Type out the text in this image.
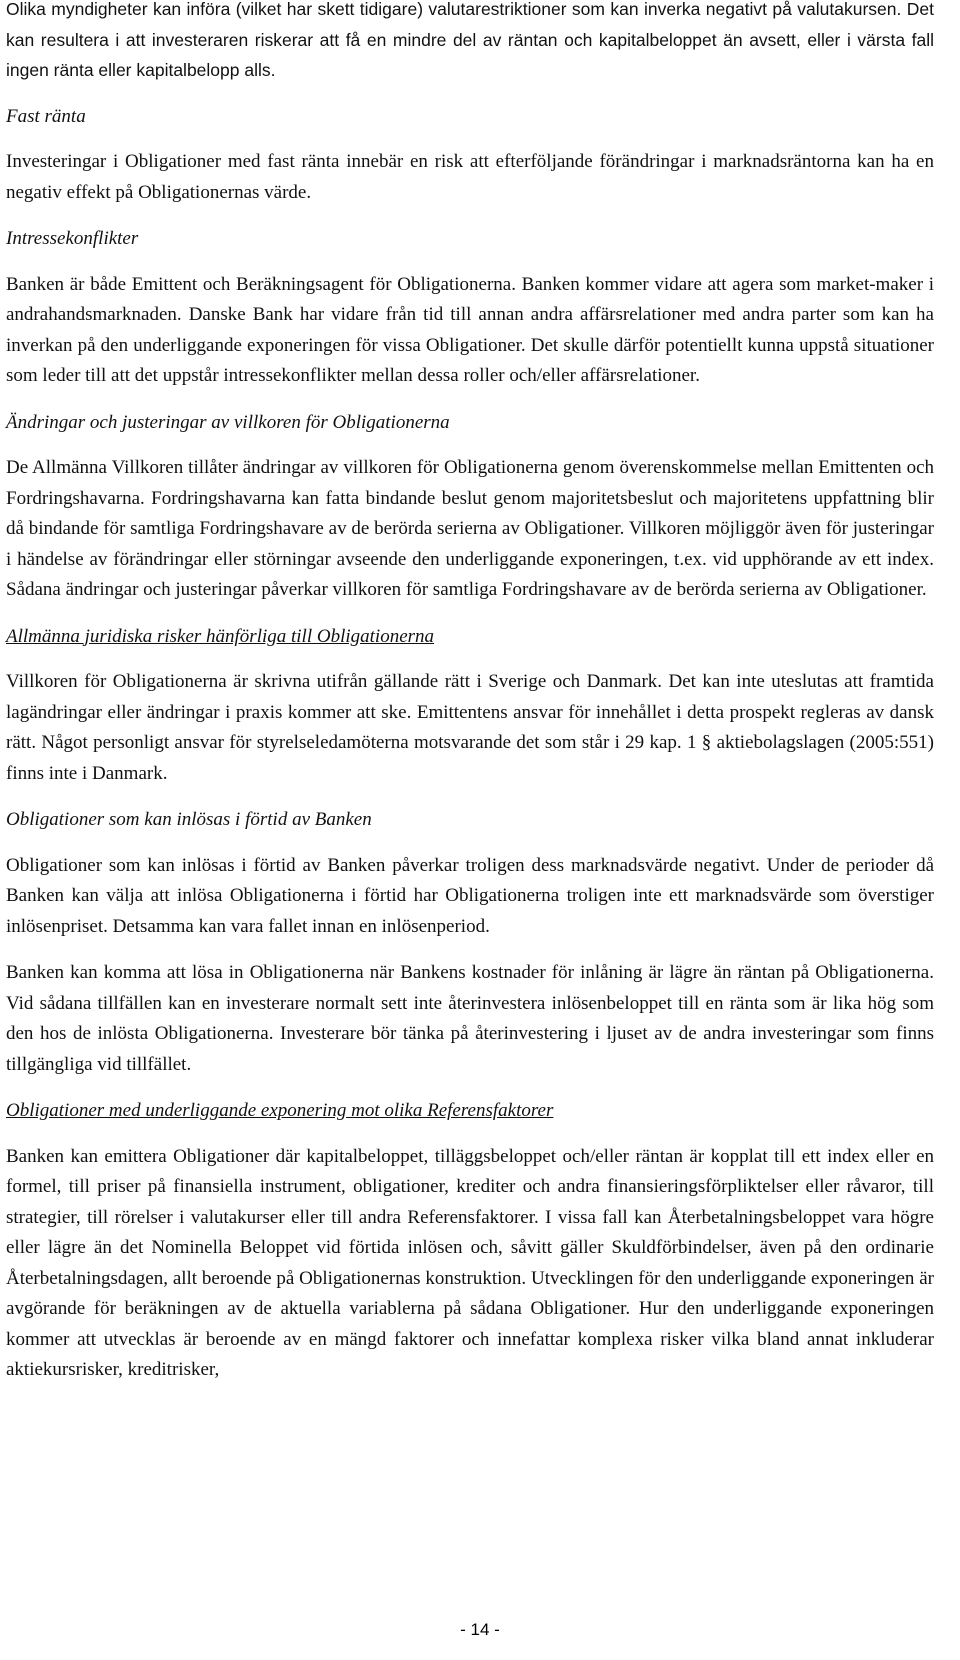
Olika myndigheter kan införa (vilket har skett tidigare) valutarestriktioner som kan inverka negativt på valutakursen. Det kan resultera i att investeraren riskerar att få en mindre del av räntan och kapitalbeloppet än avsett, eller i värsta fall ingen ränta eller kapitalbelopp alls.

Fast ränta

Investeringar i Obligationer med fast ränta innebär en risk att efterföljande förändringar i marknadsräntorna kan ha en negativ effekt på Obligationernas värde.

Intressekonflikter

Banken är både Emittent och Beräkningsagent för Obligationerna. Banken kommer vidare att agera som market-maker i andrahandsmarknaden. Danske Bank har vidare från tid till annan andra affärsrelationer med andra parter som kan ha inverkan på den underliggande exponeringen för vissa Obligationer. Det skulle därför potentiellt kunna uppstå situationer som leder till att det uppstår intressekonflikter mellan dessa roller och/eller affärsrelationer.

Ändringar och justeringar av villkoren för Obligationerna

De Allmänna Villkoren tillåter ändringar av villkoren för Obligationerna genom överenskommelse mellan Emittenten och Fordringshavarna. Fordringshavarna kan fatta bindande beslut genom majoritetsbeslut och majoritetens uppfattning blir då bindande för samtliga Fordringshavare av de berörda serierna av Obligationer. Villkoren möjliggör även för justeringar i händelse av förändringar eller störningar avseende den underliggande exponeringen, t.ex. vid upphörande av ett index. Sådana ändringar och justeringar påverkar villkoren för samtliga Fordringshavare av de berörda serierna av Obligationer.

Allmänna juridiska risker hänförliga till Obligationerna

Villkoren för Obligationerna är skrivna utifrån gällande rätt i Sverige och Danmark. Det kan inte uteslutas att framtida lagändringar eller ändringar i praxis kommer att ske. Emittentens ansvar för innehållet i detta prospekt regleras av dansk rätt. Något personligt ansvar för styrelseledamöterna motsvarande det som står i 29 kap. 1 § aktiebolagslagen (2005:551) finns inte i Danmark.

Obligationer som kan inlösas i förtid av Banken

Obligationer som kan inlösas i förtid av Banken påverkar troligen dess marknadsvärde negativt. Under de perioder då Banken kan välja att inlösa Obligationerna i förtid har Obligationerna troligen inte ett marknadsvärde som överstiger inlösenpriset. Detsamma kan vara fallet innan en inlösenperiod.

Banken kan komma att lösa in Obligationerna när Bankens kostnader för inlåning är lägre än räntan på Obligationerna. Vid sådana tillfällen kan en investerare normalt sett inte återinvestera inlösenbeloppet till en ränta som är lika hög som den hos de inlösta Obligationerna. Investerare bör tänka på återinvestering i ljuset av de andra investeringar som finns tillgängliga vid tillfället.

Obligationer med underliggande exponering mot olika Referensfaktorer

Banken kan emittera Obligationer där kapitalbeloppet, tilläggsbeloppet och/eller räntan är kopplat till ett index eller en formel, till priser på finansiella instrument, obligationer, krediter och andra finansieringsförpliktelser eller råvaror, till strategier, till rörelser i valutakurser eller till andra Referensfaktorer. I vissa fall kan Återbetalningsbeloppet vara högre eller lägre än det Nominella Beloppet vid förtida inlösen och, såvitt gäller Skuldförbindelser, även på den ordinarie Återbetalningsdagen, allt beroende på Obligationernas konstruktion. Utvecklingen för den underliggande exponeringen är avgörande för beräkningen av de aktuella variablerna på sådana Obligationer. Hur den underliggande exponeringen kommer att utvecklas är beroende av en mängd faktorer och innefattar komplexa risker vilka bland annat inkluderar aktiekursrisker, kreditrisker,

- 14 -
